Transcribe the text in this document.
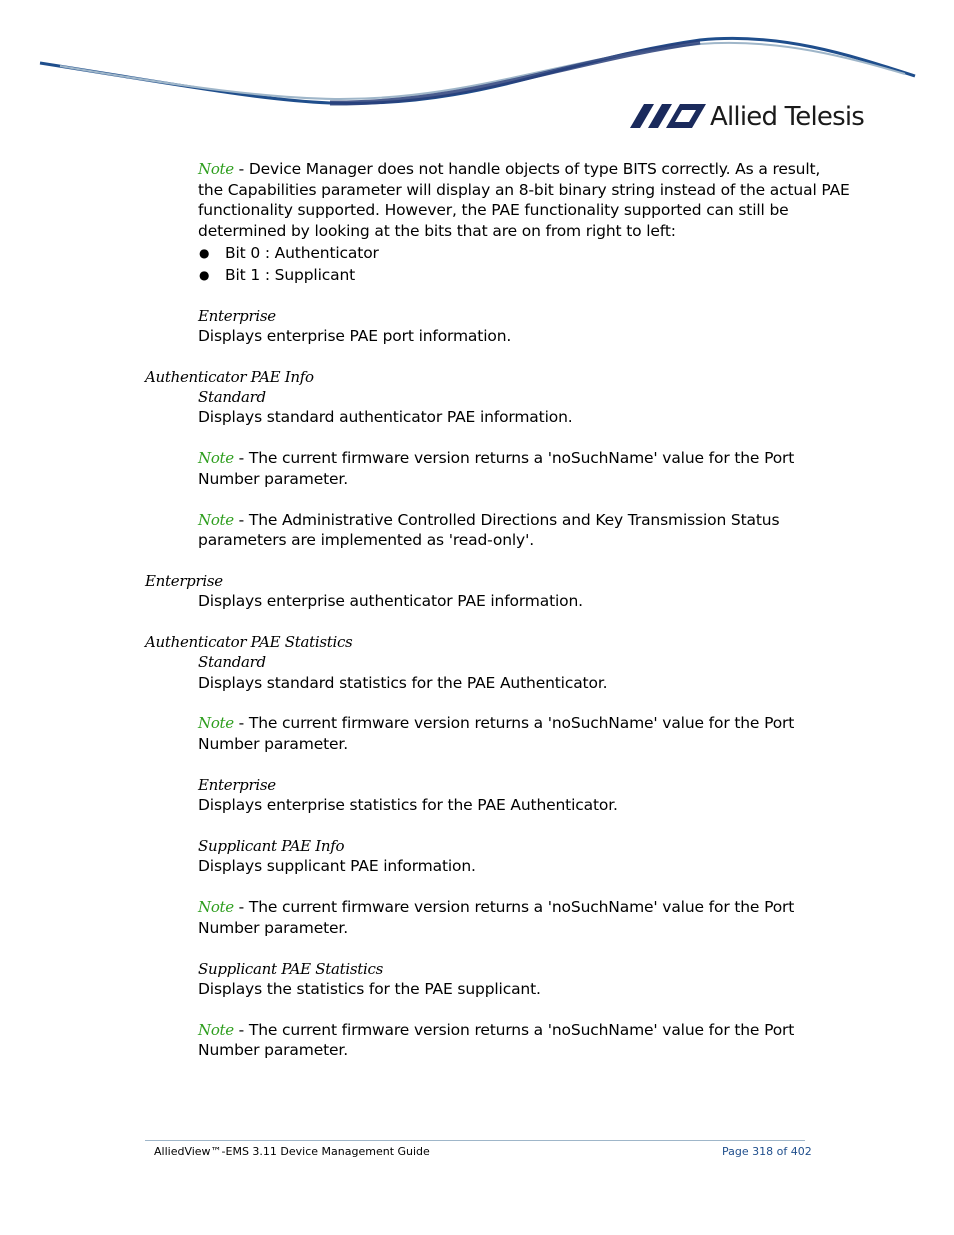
Allied Telesis
Note - Device Manager does not handle objects of type BITS correctly. As a result,
the Capabilities parameter will display an 8-bit binary string instead of the actual PAE
functionality supported. However, the PAE functionality supported can still be
determined by looking at the bits that are on from right to left:
● Bit 0 : Authenticator
● Bit 1 : Supplicant
Enterprise
Displays enterprise PAE port information.
Authenticator PAE Info
Standard
Displays standard authenticator PAE information.
Note - The current firmware version returns a 'noSuchName' value for the Port
Number parameter.
Note - The Administrative Controlled Directions and Key Transmission Status
parameters are implemented as 'read-only'.
Enterprise
Displays enterprise authenticator PAE information.
Authenticator PAE Statistics
Standard
Displays standard statistics for the PAE Authenticator.
Note - The current firmware version returns a 'noSuchName' value for the Port
Number parameter.
Enterprise
Displays enterprise statistics for the PAE Authenticator.
Supplicant PAE Info
Displays supplicant PAE information.
Note - The current firmware version returns a 'noSuchName' value for the Port
Number parameter.
Supplicant PAE Statistics
Displays the statistics for the PAE supplicant.
Note - The current firmware version returns a 'noSuchName' value for the Port
Number parameter.
AlliedView™-EMS 3.11 Device Management Guide	Page 318 of 402
